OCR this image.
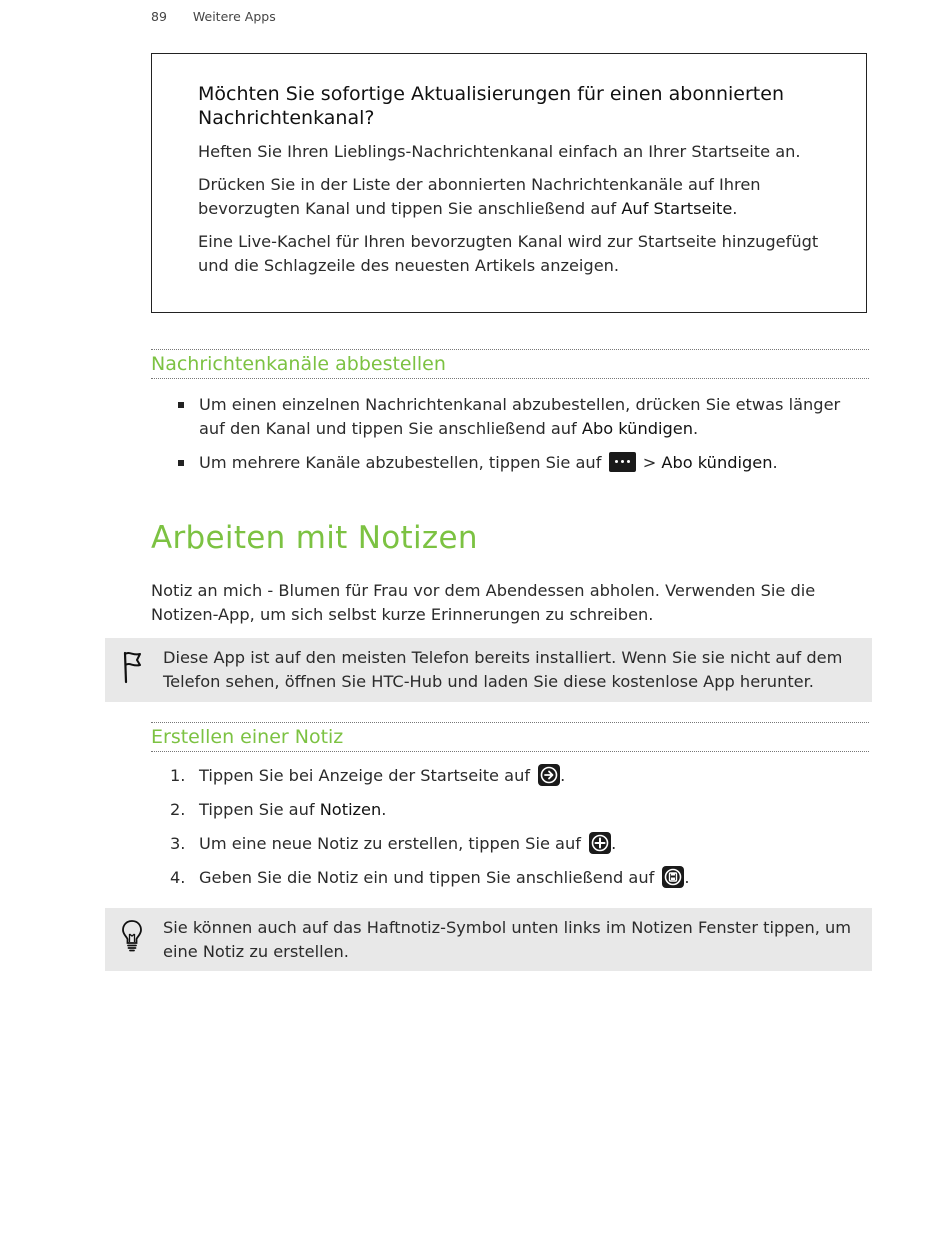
89 Weitere Apps
Möchten Sie sofortige Aktualisierungen für einen abonnierten Nachrichtenkanal?

Heften Sie Ihren Lieblings-Nachrichtenkanal einfach an Ihrer Startseite an.

Drücken Sie in der Liste der abonnierten Nachrichtenkanäle auf Ihren bevorzugten Kanal und tippen Sie anschließend auf Auf Startseite.

Eine Live-Kachel für Ihren bevorzugten Kanal wird zur Startseite hinzugefügt und die Schlagzeile des neuesten Artikels anzeigen.

Nachrichtenkanäle abbestellen
Um einen einzelnen Nachrichtenkanal abzubestellen, drücken Sie etwas länger auf den Kanal und tippen Sie anschließend auf Abo kündigen.
Um mehrere Kanäle abzubestellen, tippen Sie auf
> Abo kündigen.
Arbeiten mit Notizen

Notiz an mich - Blumen für Frau vor dem Abendessen abholen. Verwenden Sie die Notizen-App, um sich selbst kurze Erinnerungen zu schreiben.

Diese App ist auf den meisten Telefon bereits installiert. Wenn Sie sie nicht auf dem Telefon sehen, öffnen Sie HTC-Hub und laden Sie diese kostenlose App herunter.

Erstellen einer Notiz
1. Tippen Sie bei Anzeige der Startseite auf
.
2. Tippen Sie auf Notizen.
3. Um eine neue Notiz zu erstellen, tippen Sie auf
.
4. Geben Sie die Notiz ein und tippen Sie anschließend auf
.

Sie können auch auf das Haftnotiz-Symbol unten links im Notizen Fenster tippen, um eine Notiz zu erstellen.
